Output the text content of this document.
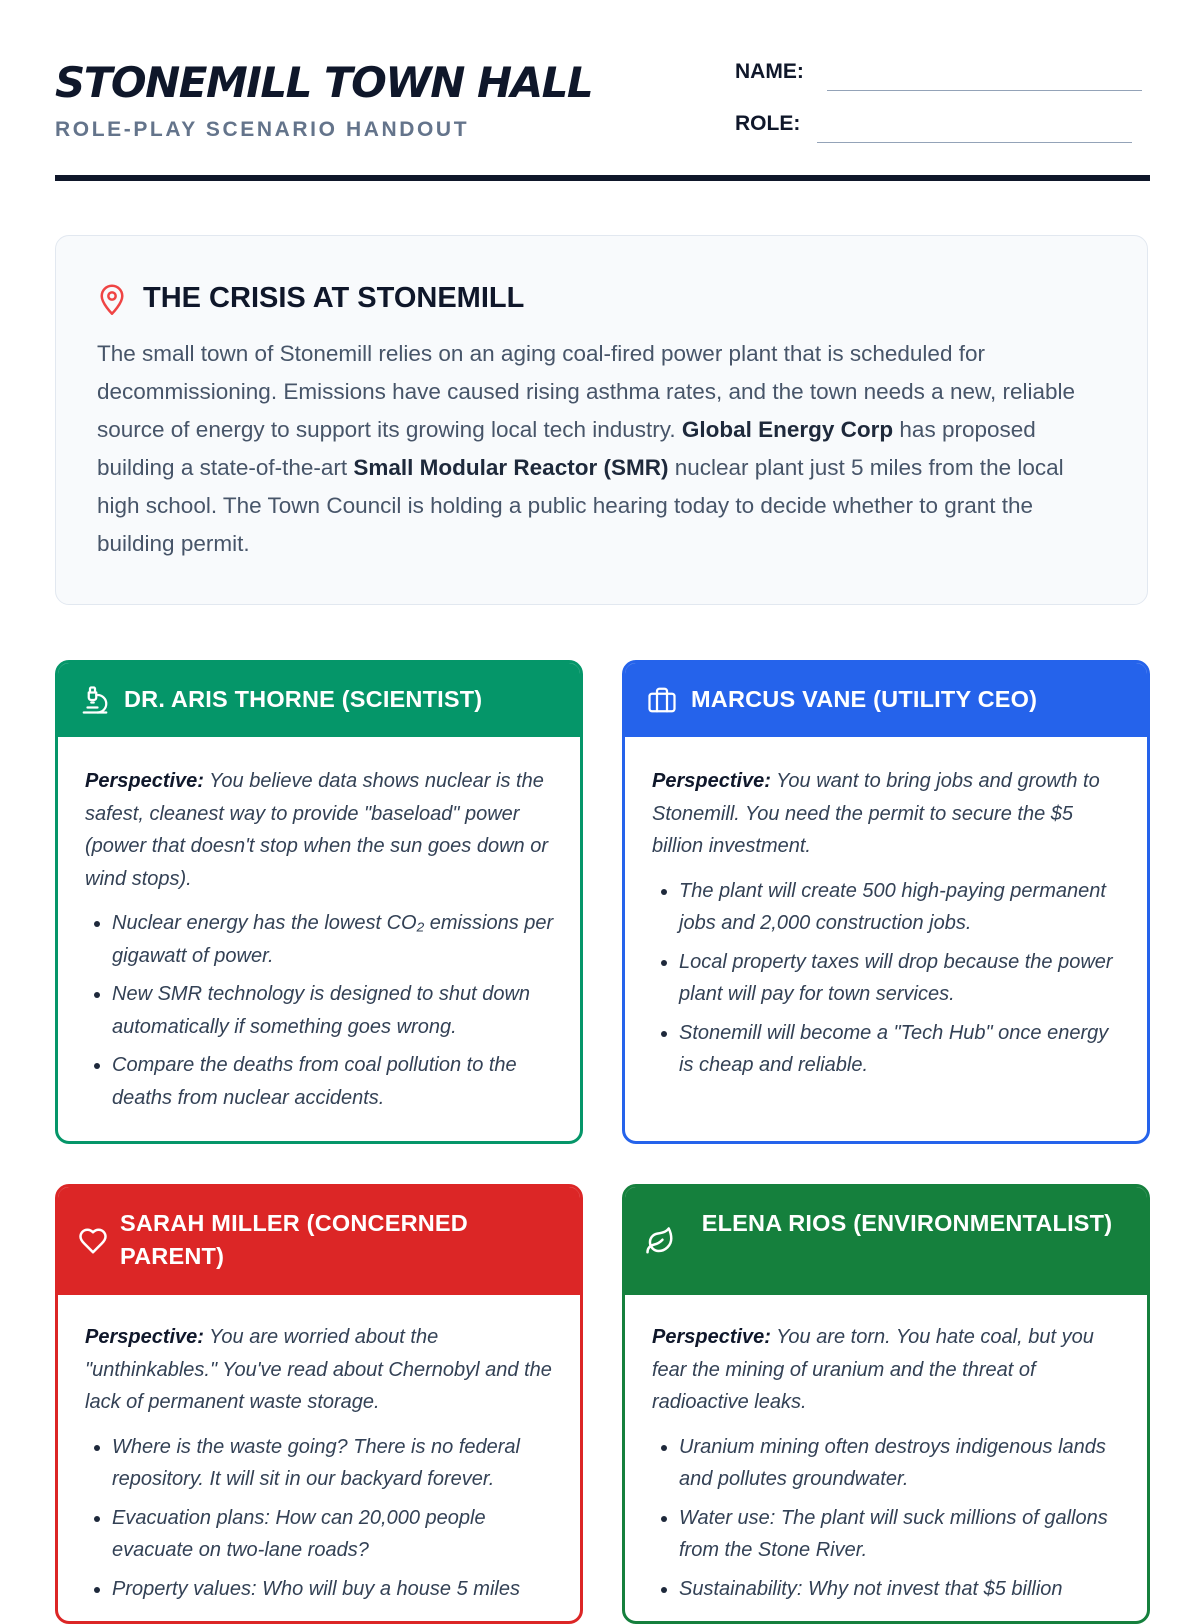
STONEMILL TOWN HALL
ROLE-PLAY SCENARIO HANDOUT
NAME:
ROLE:
THE CRISIS AT STONEMILL
The small town of Stonemill relies on an aging coal-fired power plant that is scheduled for decommissioning. Emissions have caused rising asthma rates, and the town needs a new, reliable source of energy to support its growing local tech industry. Global Energy Corp has proposed building a state-of-the-art Small Modular Reactor (SMR) nuclear plant just 5 miles from the local high school. The Town Council is holding a public hearing today to decide whether to grant the building permit.
DR. ARIS THORNE (SCIENTIST)

Perspective: You believe data shows nuclear is the safest, cleanest way to provide "baseload" power (power that doesn't stop when the sun goes down or wind stops).

• Nuclear energy has the lowest CO₂ emissions per gigawatt of power.
• New SMR technology is designed to shut down automatically if something goes wrong.
• Compare the deaths from coal pollution to the deaths from nuclear accidents.
MARCUS VANE (UTILITY CEO)

Perspective: You want to bring jobs and growth to Stonemill. You need the permit to secure the $5 billion investment.

• The plant will create 500 high-paying permanent jobs and 2,000 construction jobs.
• Local property taxes will drop because the power plant will pay for town services.
• Stonemill will become a "Tech Hub" once energy is cheap and reliable.
SARAH MILLER (CONCERNED PARENT)

Perspective: You are worried about the "unthinkables." You've read about Chernobyl and the lack of permanent waste storage.

• Where is the waste going? There is no federal repository. It will sit in our backyard forever.
• Evacuation plans: How can 20,000 people evacuate on two-lane roads?
• Property values: Who will buy a house 5 miles
ELENA RIOS (ENVIRONMENTALIST)

Perspective: You are torn. You hate coal, but you fear the mining of uranium and the threat of radioactive leaks.

• Uranium mining often destroys indigenous lands and pollutes groundwater.
• Water use: The plant will suck millions of gallons from the Stone River.
• Sustainability: Why not invest that $5 billion
